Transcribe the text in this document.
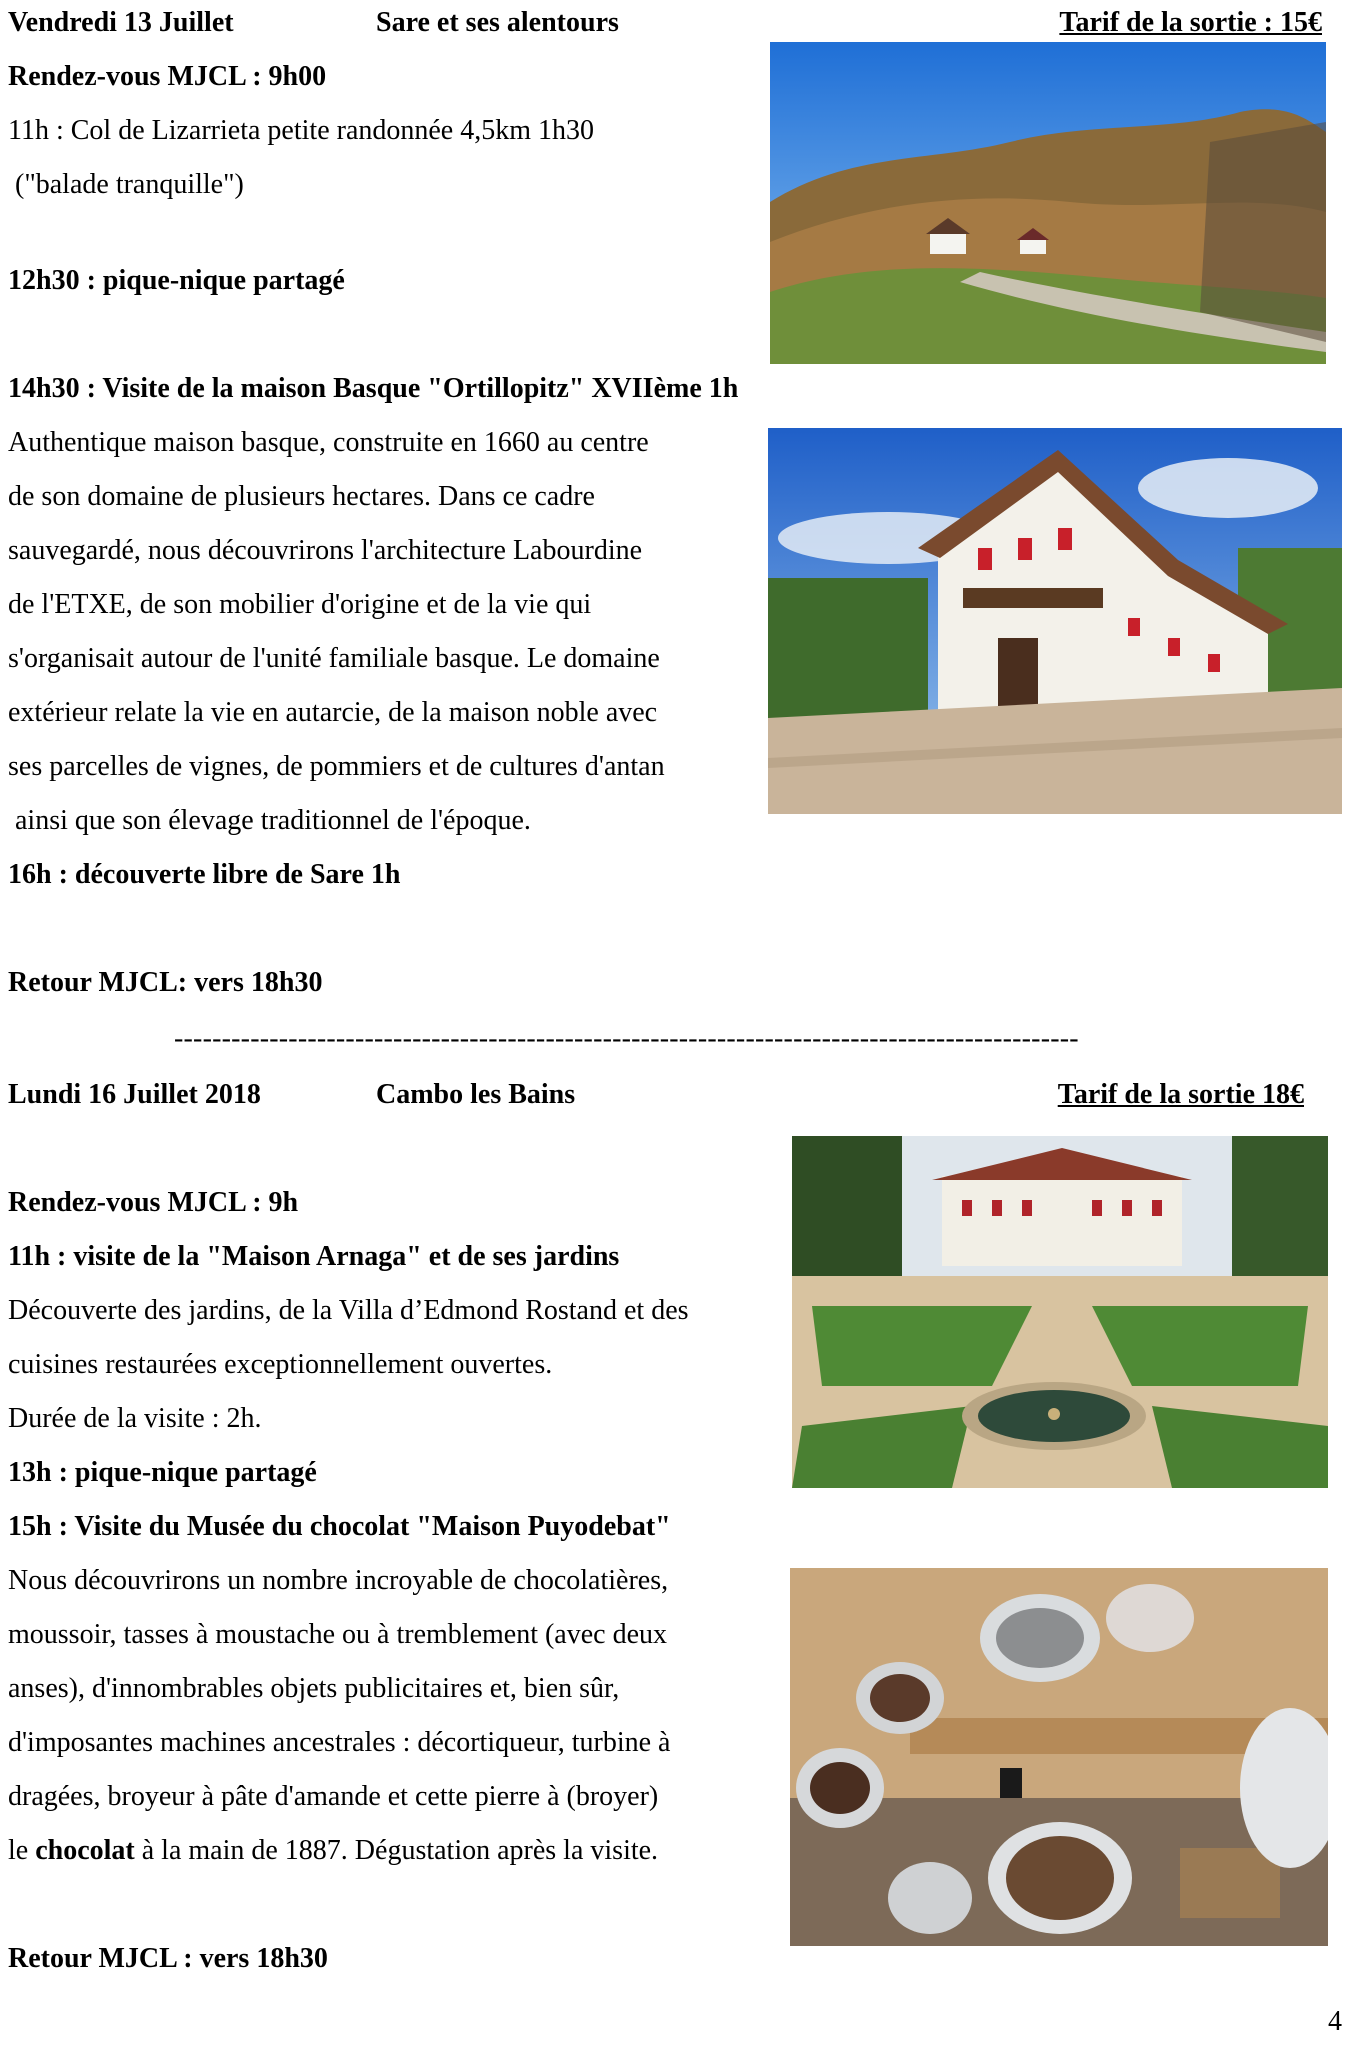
Vendredi 13 Juillet	Sare et ses alentours	Tarif de la sortie : 15€
Rendez-vous MJCL : 9h00
11h : Col de Lizarrieta petite randonnée 4,5km 1h30
("balade tranquille")
12h30 : pique-nique partagé
14h30 : Visite de la maison Basque "Ortillopitz" XVIIème 1h
Authentique maison basque, construite en 1660 au centre
de son domaine de plusieurs hectares. Dans ce cadre
sauvegardé, nous découvrirons l'architecture Labourdine
de l'ETXE, de son mobilier d'origine et de la vie qui
s'organisait autour de l'unité familiale basque. Le domaine
extérieur relate la vie en autarcie, de la maison noble avec
ses parcelles de vignes, de pommiers et de cultures d'antan
ainsi que son élevage traditionnel de l'époque.
16h : découverte libre de Sare 1h
Retour MJCL: vers 18h30
-----------------------------------------------------------------------------------------------
Lundi 16 Juillet 2018	Cambo les Bains	Tarif de la sortie 18€
Rendez-vous MJCL : 9h
11h : visite de la "Maison Arnaga" et de ses jardins
Découverte des jardins, de la Villa d’Edmond Rostand et des
cuisines restaurées exceptionnellement ouvertes.
Durée de la visite : 2h.
13h : pique-nique partagé
15h : Visite du Musée du chocolat "Maison Puyodebat"
Nous découvrirons un nombre incroyable de chocolatières,
moussoir, tasses à moustache ou à tremblement (avec deux
anses), d'innombrables objets publicitaires et, bien sûr,
d'imposantes machines ancestrales : décortiqueur, turbine à
dragées, broyeur à pâte d'amande et cette pierre à (broyer)
le chocolat à la main de 1887. Dégustation après la visite.
Retour MJCL : vers 18h30
4
